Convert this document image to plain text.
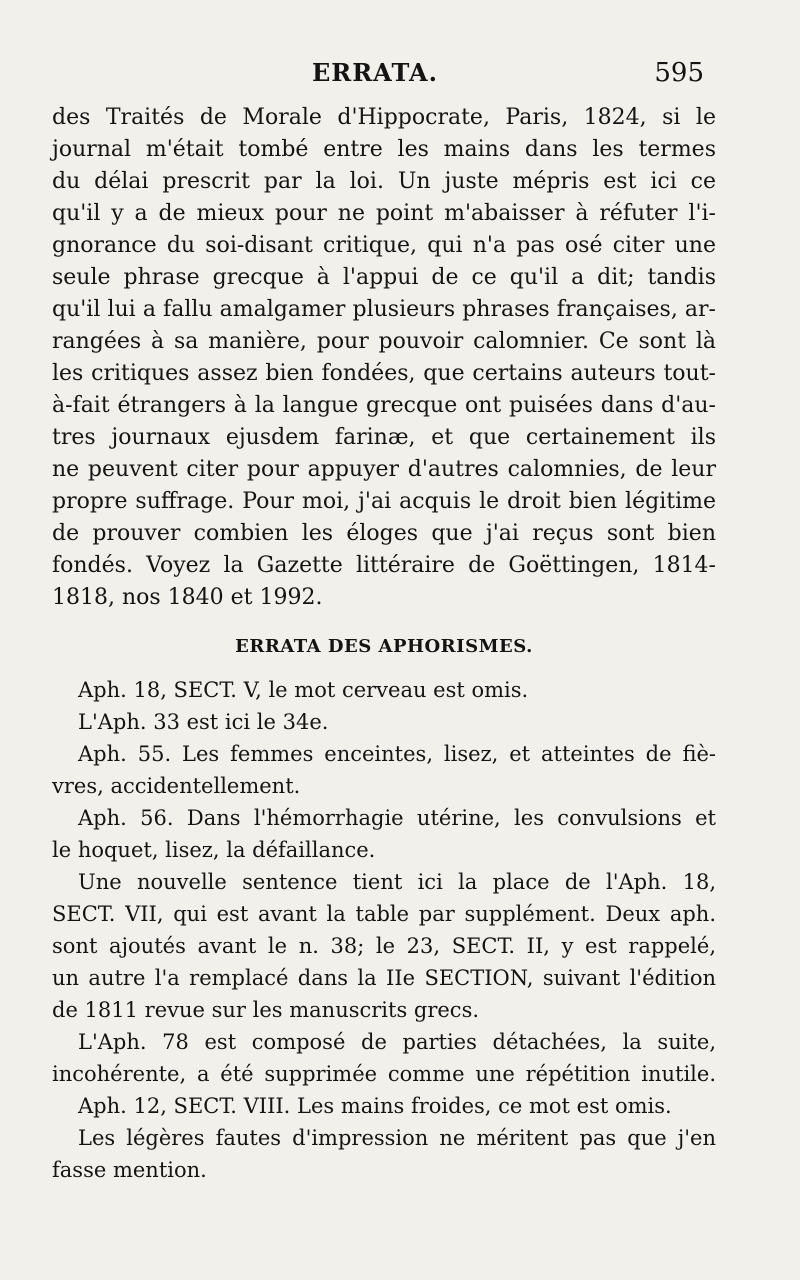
ERRATA.	595

des Traités de Morale d'Hippocrate, Paris, 1824, si le

journal m'était tombé entre les mains dans les termes

du délai prescrit par la loi. Un juste mépris est ici ce

qu'il y a de mieux pour ne point m'abaisser à réfuter l'i-

gnorance du soi-disant critique, qui n'a pas osé citer une

seule phrase grecque à l'appui de ce qu'il a dit; tandis

qu'il lui a fallu amalgamer plusieurs phrases françaises, ar-

rangées à sa manière, pour pouvoir calomnier. Ce sont là

les critiques assez bien fondées, que certains auteurs tout-

à-fait étrangers à la langue grecque ont puisées dans d'au-

tres journaux ejusdem farinæ, et que certainement ils

ne peuvent citer pour appuyer d'autres calomnies, de leur

propre suffrage. Pour moi, j'ai acquis le droit bien légitime

de prouver combien les éloges que j'ai reçus sont bien

fondés. Voyez la Gazette littéraire de Goëttingen, 1814-

1818, nos 1840 et 1992.

ERRATA DES APHORISMES.

Aph. 18, SECT. V, le mot cerveau est omis.

L'Aph. 33 est ici le 34e.

Aph. 55. Les femmes enceintes, lisez, et atteintes de fiè-

vres, accidentellement.

Aph. 56. Dans l'hémorrhagie utérine, les convulsions et

le hoquet, lisez, la défaillance.

Une nouvelle sentence tient ici la place de l'Aph. 18,

SECT. VII, qui est avant la table par supplément. Deux aph.

sont ajoutés avant le n. 38; le 23, SECT. II, y est rappelé,

un autre l'a remplacé dans la IIe SECTION, suivant l'édition

de 1811 revue sur les manuscrits grecs.

L'Aph. 78 est composé de parties détachées, la suite,

incohérente, a été supprimée comme une répétition inutile.

Aph. 12, SECT. VIII. Les mains froides, ce mot est omis.

Les légères fautes d'impression ne méritent pas que j'en

fasse mention.
